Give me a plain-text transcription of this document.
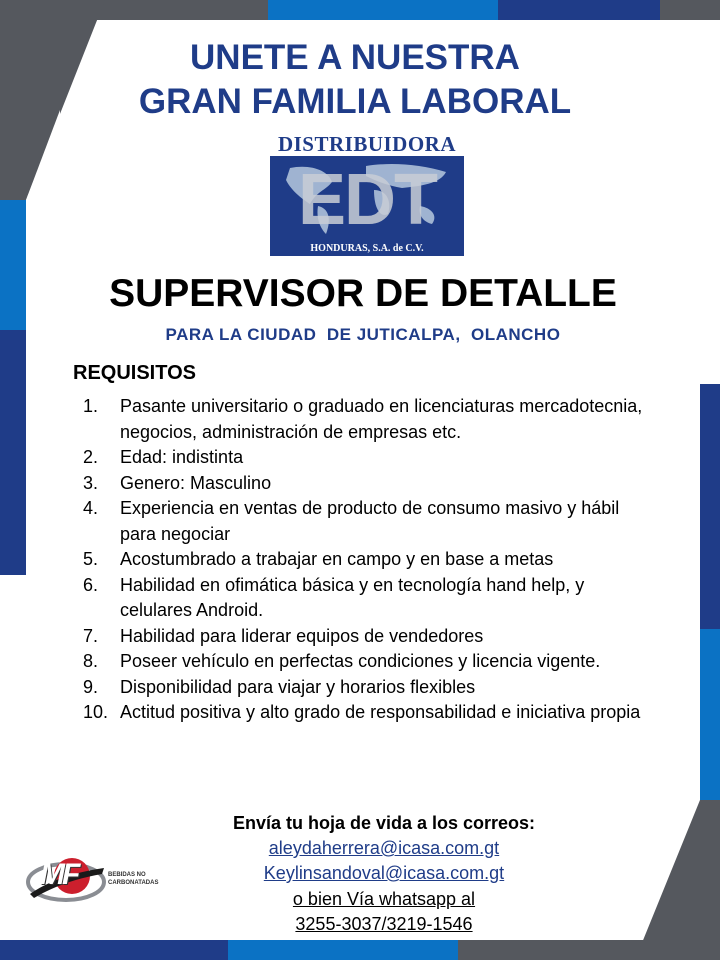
UNETE A NUESTRA
GRAN FAMILIA LABORAL
DISTRIBUIDORA
EDT
HONDURAS, S.A. de C.V.
SUPERVISOR DE DETALLE
PARA LA CIUDAD  DE JUTICALPA,  OLANCHO
REQUISITOS
1. Pasante universitario o graduado en licenciaturas mercadotecnia, negocios, administración de empresas etc.
2. Edad: indistinta
3. Genero: Masculino
4. Experiencia en ventas de producto de consumo masivo y hábil para negociar
5. Acostumbrado a trabajar en campo y en base a metas
6. Habilidad en ofimática básica y en tecnología hand help, y celulares Android.
7. Habilidad para liderar equipos de vendedores
8. Poseer vehículo en perfectas condiciones y licencia vigente.
9. Disponibilidad para viajar y horarios flexibles
10. Actitud positiva y alto grado de responsabilidad e iniciativa propia
Envía tu hoja de vida a los correos:
aleydaherrera@icasa.com.gt
Keylinsandoval@icasa.com.gt
o bien Vía whatsapp al
3255-3037/3219-1546
MF	BEBIDAS NO
CARBONATADAS
